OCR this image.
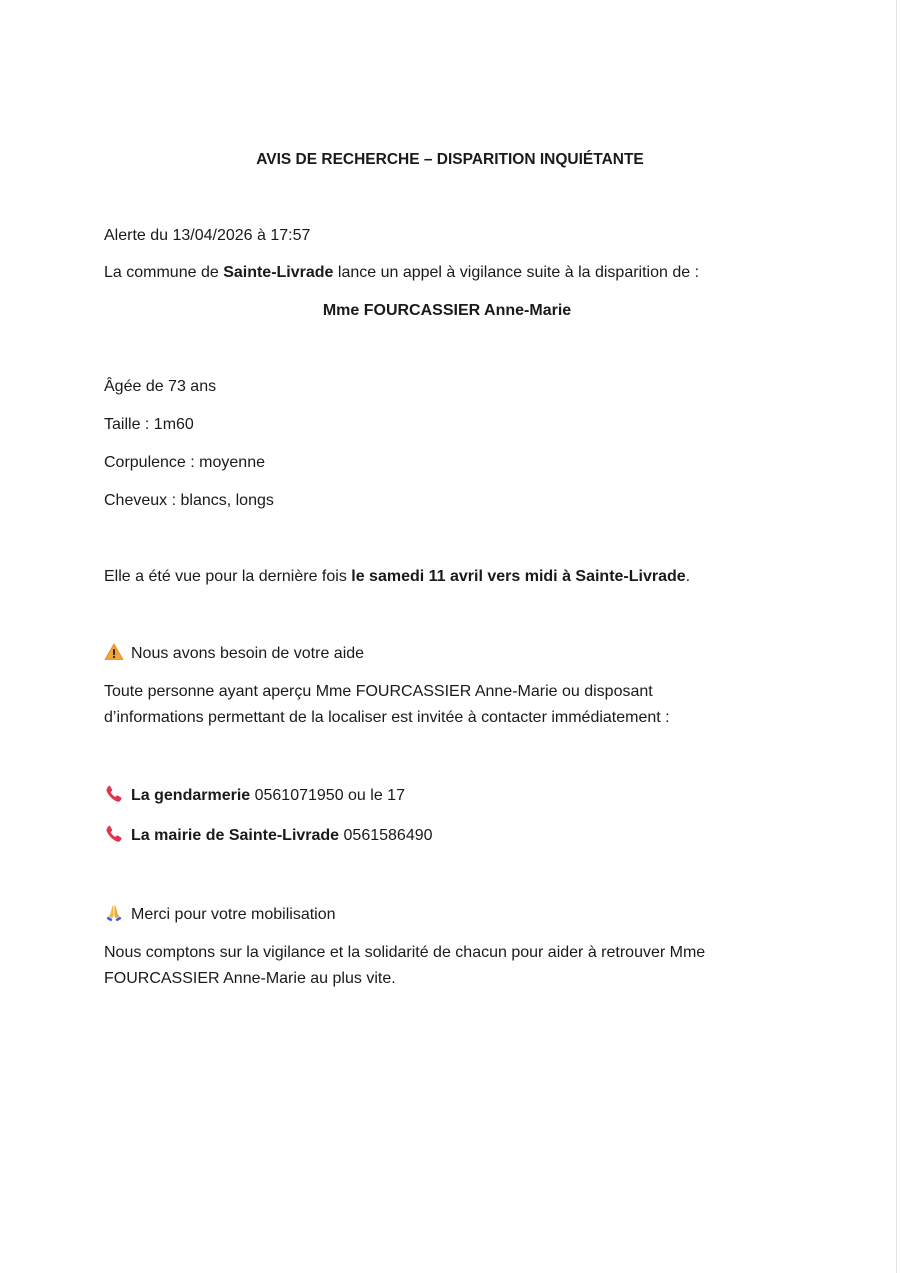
AVIS DE RECHERCHE – DISPARITION INQUIÉTANTE
Alerte du 13/04/2026 à 17:57
La commune de Sainte-Livrade lance un appel à vigilance suite à la disparition de :
Mme FOURCASSIER Anne-Marie
Âgée de 73 ans
Taille : 1m60
Corpulence : moyenne
Cheveux : blancs, longs
Elle a été vue pour la dernière fois le samedi 11 avril vers midi à Sainte-Livrade.
Nous avons besoin de votre aide
Toute personne ayant aperçu Mme FOURCASSIER Anne-Marie ou disposant
d’informations permettant de la localiser est invitée à contacter immédiatement :
La gendarmerie 0561071950 ou le 17
La mairie de Sainte-Livrade 0561586490
Merci pour votre mobilisation
Nous comptons sur la vigilance et la solidarité de chacun pour aider à retrouver Mme
FOURCASSIER Anne-Marie au plus vite.
